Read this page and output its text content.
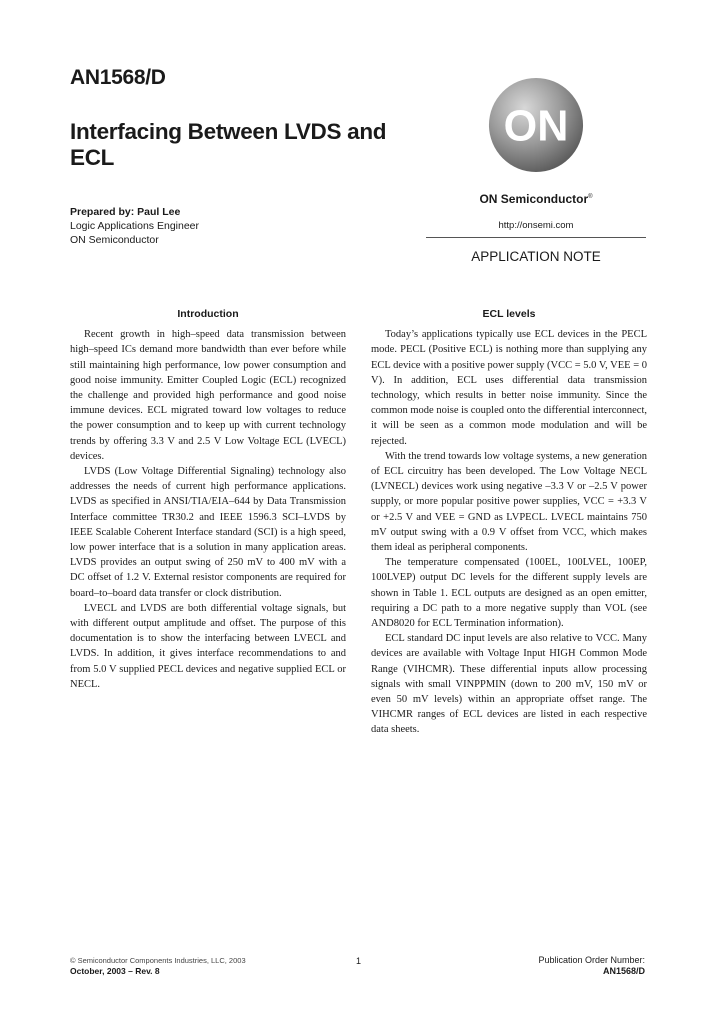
AN1568/D
Interfacing Between LVDS and ECL
Prepared by: Paul Lee
Logic Applications Engineer
ON Semiconductor
ON
ON Semiconductor®
http://onsemi.com
APPLICATION NOTE
Introduction

Recent growth in high–speed data transmission between high–speed ICs demand more bandwidth than ever before while still maintaining high performance, low power consumption and good noise immunity. Emitter Coupled Logic (ECL) recognized the challenge and provided high performance and good noise immune devices. ECL migrated toward low voltages to reduce the power consumption and to keep up with current technology trends by offering 3.3 V and 2.5 V Low Voltage ECL (LVECL) devices.

LVDS (Low Voltage Differential Signaling) technology also addresses the needs of current high performance applications. LVDS as specified in ANSI/TIA/EIA–644 by Data Transmission Interface committee TR30.2 and IEEE 1596.3 SCI–LVDS by IEEE Scalable Coherent Interface standard (SCI) is a high speed, low power interface that is a solution in many application areas. LVDS provides an output swing of 250 mV to 400 mV with a DC offset of 1.2 V. External resistor components are required for board–to–board data transfer or clock distribution.

LVECL and LVDS are both differential voltage signals, but with different output amplitude and offset. The purpose of this documentation is to show the interfacing between LVECL and LVDS. In addition, it gives interface recommendations to and from 5.0 V supplied PECL devices and negative supplied ECL or NECL.

ECL levels

Today’s applications typically use ECL devices in the PECL mode. PECL (Positive ECL) is nothing more than supplying any ECL device with a positive power supply (VCC = 5.0 V, VEE = 0 V). In addition, ECL uses differential data transmission technology, which results in better noise immunity. Since the common mode noise is coupled onto the differential interconnect, it will be seen as a common mode modulation and will be rejected.

With the trend towards low voltage systems, a new generation of ECL circuitry has been developed. The Low Voltage NECL (LVNECL) devices work using negative –3.3 V or –2.5 V power supply, or more popular positive power supplies, VCC = +3.3 V or +2.5 V and VEE = GND as LVPECL. LVECL maintains 750 mV output swing with a 0.9 V offset from VCC, which makes them ideal as peripheral components.

The temperature compensated (100EL, 100LVEL, 100EP, 100LVEP) output DC levels for the different supply levels are shown in Table 1. ECL outputs are designed as an open emitter, requiring a DC path to a more negative supply than VOL (see AND8020 for ECL Termination information).

ECL standard DC input levels are also relative to VCC. Many devices are available with Voltage Input HIGH Common Mode Range (VIHCMR). These differential inputs allow processing signals with small VINPPMIN (down to 200 mV, 150 mV or even 50 mV levels) within an appropriate offset range. The VIHCMR ranges of ECL devices are listed in each respective data sheets.

© Semiconductor Components Industries, LLC, 2003
October, 2003 – Rev. 8
1	Publication Order Number:
AN1568/D
